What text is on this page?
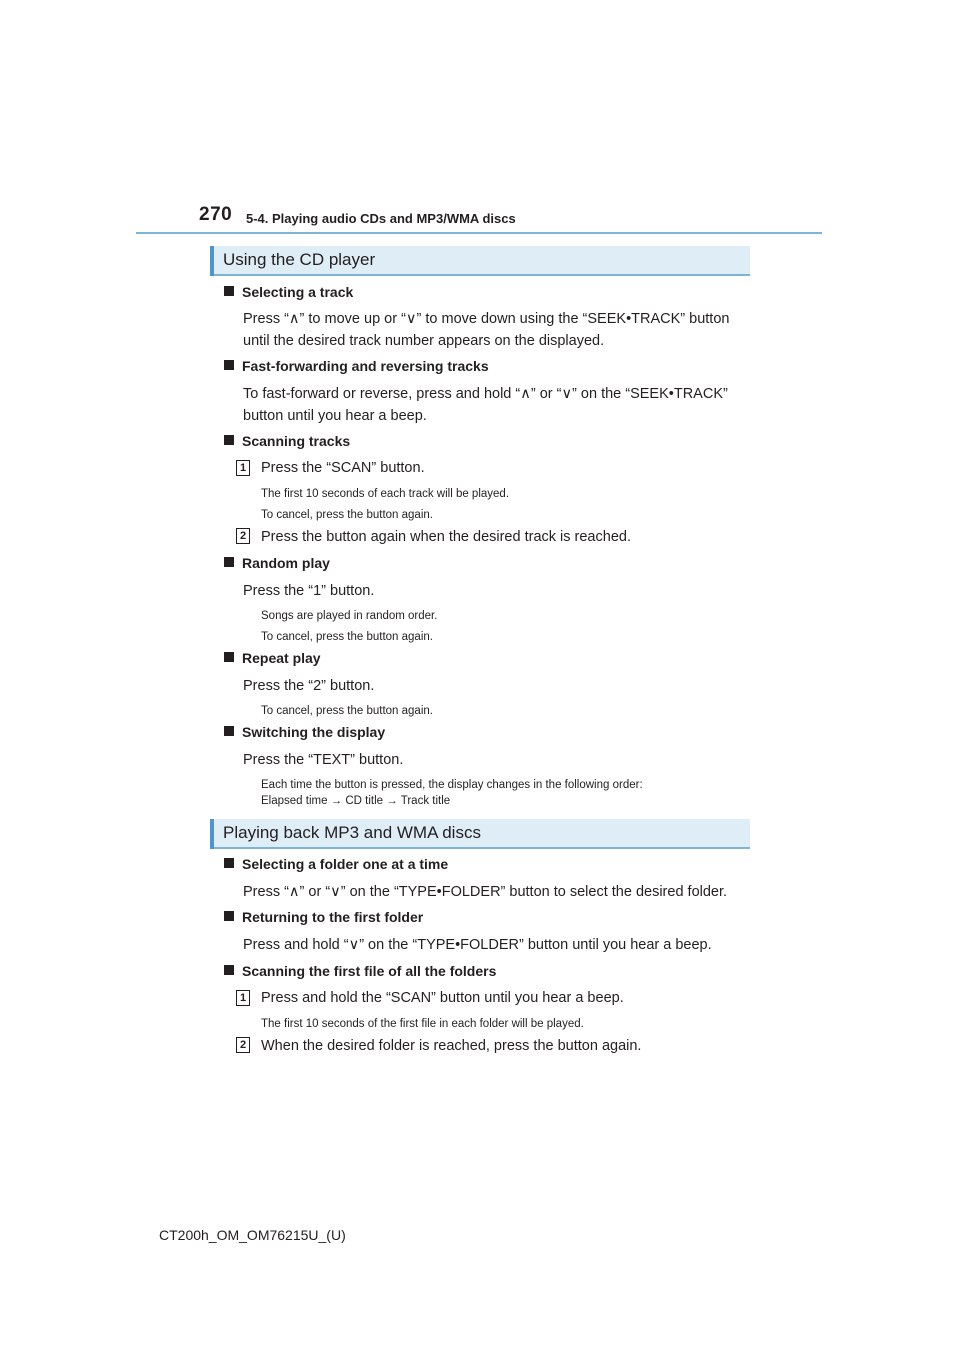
270 5-4. Playing audio CDs and MP3/WMA discs
Using the CD player
Selecting a track
Press “∧” to move up or “∨” to move down using the “SEEK•TRACK” button until the desired track number appears on the displayed.
Fast-forwarding and reversing tracks
To fast-forward or reverse, press and hold “∧” or “∨” on the “SEEK•TRACK” button until you hear a beep.
Scanning tracks
1 Press the “SCAN” button.
The first 10 seconds of each track will be played.
To cancel, press the button again.
2 Press the button again when the desired track is reached.
Random play
Press the “1” button.
Songs are played in random order.
To cancel, press the button again.
Repeat play
Press the “2” button.
To cancel, press the button again.
Switching the display
Press the “TEXT” button.
Each time the button is pressed, the display changes in the following order:
Elapsed time → CD title → Track title
Playing back MP3 and WMA discs
Selecting a folder one at a time
Press “∧” or “∨” on the “TYPE•FOLDER” button to select the desired folder.
Returning to the first folder
Press and hold “∨” on the “TYPE•FOLDER” button until you hear a beep.
Scanning the first file of all the folders
1 Press and hold the “SCAN” button until you hear a beep.
The first 10 seconds of the first file in each folder will be played.
2 When the desired folder is reached, press the button again.
CT200h_OM_OM76215U_(U)
